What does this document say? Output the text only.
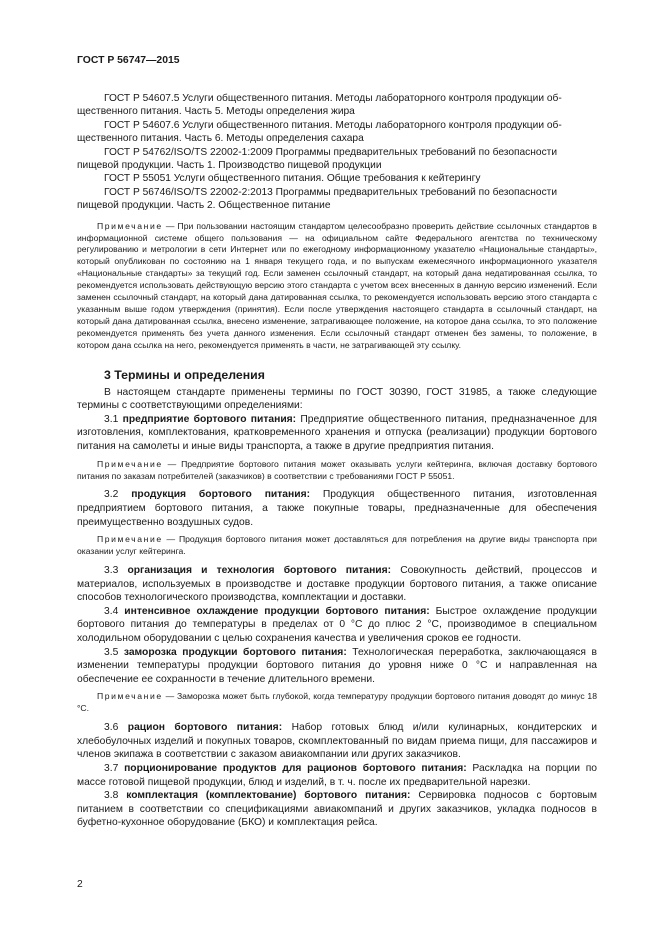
ГОСТ Р 56747—2015

ГОСТ Р 54607.5 Услуги общественного питания. Методы лабораторного контроля продукции об-
щественного питания. Часть 5. Методы определения жира

ГОСТ Р 54607.6 Услуги общественного питания. Методы лабораторного контроля продукции об-
щественного питания. Часть 6. Методы определения сахара

ГОСТ Р 54762/ISO/TS 22002-1:2009 Программы предварительных требований по безопасности
пищевой продукции. Часть 1. Производство пищевой продукции

ГОСТ Р 55051 Услуги общественного питания. Общие требования к кейтерингу

ГОСТ Р 56746/ISO/TS 22002-2:2013 Программы предварительных требований по безопасности
пищевой продукции. Часть 2. Общественное питание

Примечание — При пользовании настоящим стандартом целесообразно проверить действие ссылочных стандартов в информационной системе общего пользования — на официальном сайте Федерального агентства по техническому регулированию и метрологии в сети Интернет или по ежегодному информационному указателю «Национальные стандарты», который опубликован по состоянию на 1 января текущего года, и по выпускам ежемесячного информационного указателя «Национальные стандарты» за текущий год. Если заменен ссылочный стандарт, на который дана недатированная ссылка, то рекомендуется использовать действующую версию этого стандарта с учетом всех внесенных в данную версию изменений. Если заменен ссылочный стандарт, на который дана датированная ссылка, то рекомендуется использовать версию этого стандарта с указанным выше годом утверждения (принятия). Если после утверждения настоящего стандарта в ссылочный стандарт, на который дана датированная ссылка, внесено изменение, затрагивающее положение, на которое дана ссылка, то это положение рекомендуется применять без учета данного изменения. Если ссылочный стандарт отменен без замены, то положение, в котором дана ссылка на него, рекомендуется применять в части, не затрагивающей эту ссылку.

3 Термины и определения

В настоящем стандарте применены термины по ГОСТ 30390, ГОСТ 31985, а также следующие термины с соответствующими определениями:

3.1 предприятие бортового питания: Предприятие общественного питания, предназначенное для изготовления, комплектования, кратковременного хранения и отпуска (реализации) продукции бортового питания на самолеты и иные виды транспорта, а также в другие предприятия питания.

Примечание — Предприятие бортового питания может оказывать услуги кейтеринга, включая доставку бортового питания по заказам потребителей (заказчиков) в соответствии с требованиями ГОСТ Р 55051.

3.2 продукция бортового питания: Продукция общественного питания, изготовленная предприятием бортового питания, а также покупные товары, предназначенные для обеспечения преимущественно воздушных судов.

Примечание — Продукция бортового питания может доставляться для потребления на другие виды транспорта при оказании услуг кейтеринга.

3.3 организация и технология бортового питания: Совокупность действий, процессов и материалов, используемых в производстве и доставке продукции бортового питания, а также описание способов технологического производства, комплектации и доставки.

3.4 интенсивное охлаждение продукции бортового питания: Быстрое охлаждение продукции бортового питания до температуры в пределах от 0 °С до плюс 2 °С, производимое в специальном холодильном оборудовании с целью сохранения качества и увеличения сроков ее годности.

3.5 заморозка продукции бортового питания: Технологическая переработка, заключающаяся в изменении температуры продукции бортового питания до уровня ниже 0 °С и направленная на обеспечение ее сохранности в течение длительного времени.

Примечание — Заморозка может быть глубокой, когда температуру продукции бортового питания доводят до минус 18 °С.

3.6 рацион бортового питания: Набор готовых блюд и/или кулинарных, кондитерских и хлебобулочных изделий и покупных товаров, скомплектованный по видам приема пищи, для пассажиров и членов экипажа в соответствии с заказом авиакомпании или других заказчиков.

3.7 порционирование продуктов для рационов бортового питания: Раскладка на порции по массе готовой пищевой продукции, блюд и изделий, в т. ч. после их предварительной нарезки.

3.8 комплектация (комплектование) бортового питания: Сервировка подносов с бортовым питанием в соответствии со спецификациями авиакомпаний и других заказчиков, укладка подносов в буфетно-кухонное оборудование (БКО) и комплектация рейса.

2
